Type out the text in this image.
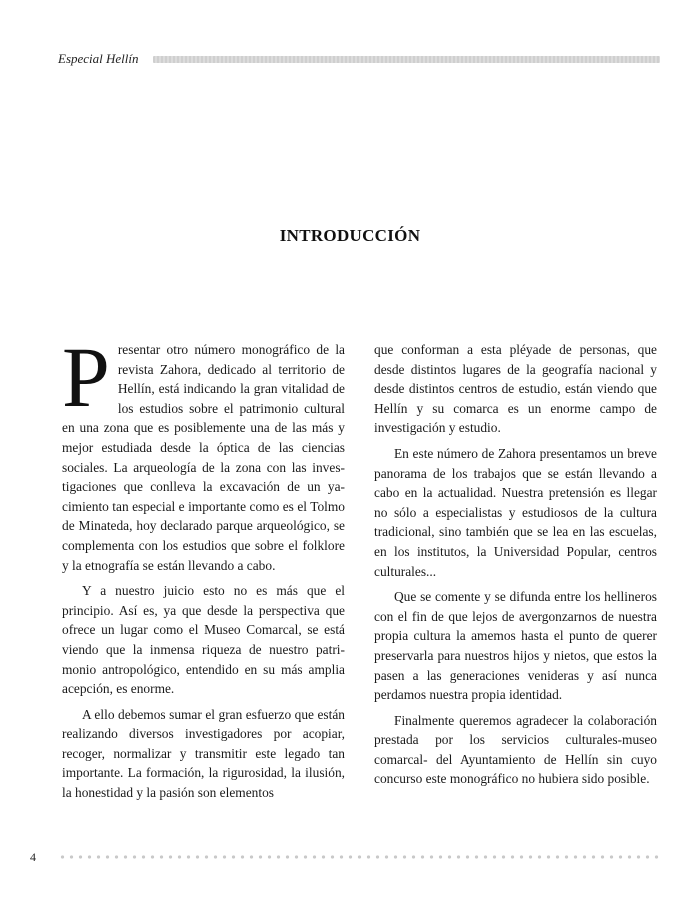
Especial Hellín
INTRODUCCIÓN

Presentar otro número monográfico de la revista Zahora, dedicado al territorio de Hellín, está indicando la gran vitalidad de los estudios sobre el patrimonio cultural en una zona que es posiblemente una de las más y mejor estudiada desde la óptica de las ciencias sociales. La arqueología de la zona con las investigaciones que conlleva la excavación de un yacimiento tan especial e importante como es el Tolmo de Minateda, hoy declarado parque arqueológico, se complementa con los estudios que sobre el folklore y la etnografía se están llevando a cabo.

Y a nuestro juicio esto no es más que el principio. Así es, ya que desde la perspectiva que ofrece un lugar como el Museo Comarcal, se está viendo que la inmensa riqueza de nuestro patrimonio antropológico, entendido en su más amplia acepción, es enorme.

A ello debemos sumar el gran esfuerzo que están realizando diversos investigadores por acopiar, recoger, normalizar y transmitir este legado tan importante. La formación, la rigurosidad, la ilusión, la honestidad y la pasión son elementos

que conforman a esta pléyade de personas, que desde distintos lugares de la geografía nacional y desde distintos centros de estudio, están viendo que Hellín y su comarca es un enorme campo de investigación y estudio.

En este número de Zahora presentamos un breve panorama de los trabajos que se están llevando a cabo en la actualidad. Nuestra pretensión es llegar no sólo a especialistas y estudiosos de la cultura tradicional, sino también que se lea en las escuelas, en los institutos, la Universidad Popular, centros culturales...

Que se comente y se difunda entre los hellineros con el fin de que lejos de avergonzarnos de nuestra propia cultura la amemos hasta el punto de querer preservarla para nuestros hijos y nietos, que estos la pasen a las generaciones venideras y así nunca perdamos nuestra propia identidad.

Finalmente queremos agradecer la colaboración prestada por los servicios culturales-museo comarcal- del Ayuntamiento de Hellín sin cuyo concurso este monográfico no hubiera sido posible.

4
